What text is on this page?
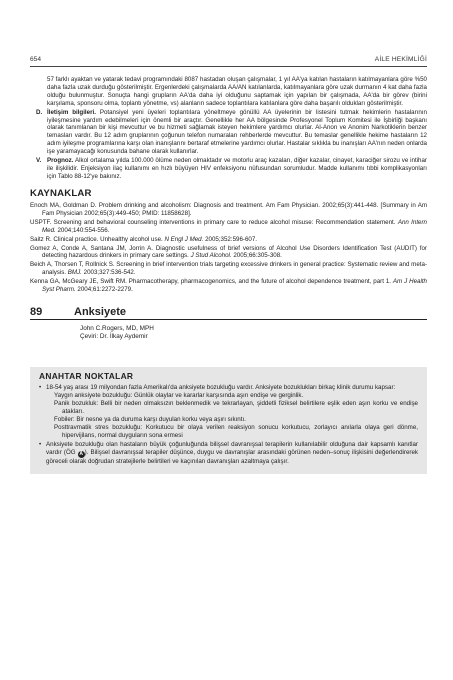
654	AİLE HEKİMLİĞİ

57 farklı ayaktan ve yatarak tedavi programındaki 8087 hastadan oluşan çalışmalar, 1 yıl AA'ya katılan hastaların katılmayanlara göre %50 daha fazla uzak durduğu gösterilmiştir. Ergenlerdeki çalışmalarda AA/AN katılanlarda, katılmayanlara göre uzak durmanın 4 kat daha fazla olduğu bulunmuştur. Sonuçta hangi grupların AA'da daha iyi olduğunu saptamak için yapılan bir çalışmada, AA'da bir görev (birini karşılama, sponsoru olma, toplantı yönetme, vs) alanların sadece toplantılara katılanlara göre daha başarılı oldukları gösterilmiştir.

D. İletişim bilgileri. Potansiyel yeni üyeleri toplantılara yöneltmeye gönüllü AA üyelerinin bir listesini tutmak hekimlerin hastalarının iyileşmesine yardım edebilmeleri için önemli bir araçtır. Genellikle her AA bölgesinde Profesyonel Toplum Komitesi ile İşbirliği başkanı olarak tanımlanan bir kişi mevcuttur ve bu hizmeti sağlamak isteyen hekimlere yardımcı olurlar. Al-Anon ve Anonim Narkotiklerin benzer temasları vardır. Bu 12 adım gruplarının çoğunun telefon numaraları rehberlerde mevcuttur. Bu temaslar genellikle hekime hastaların 12 adım iyileşme programlarına karşı olan inanışlarını bertaraf etmelerine yardımcı olurlar. Hastalar sıklıkla bu inanışları AA'nın neden onlarda işe yaramayacağı konusunda bahane olarak kullanırlar.

V. Prognoz. Alkol ortalama yılda 100.000 ölüme neden olmaktadır ve motorlu araç kazaları, diğer kazalar, cinayet, karaciğer sirozu ve intihar ile ilişkilidir. Enjeksiyon ilaç kullanımı en hızlı büyüyen HIV enfeksiyonu nüfusundan sorumludur. Madde kullanımı tıbbi komplikasyonları için Tablo 88-12'ye bakınız.

KAYNAKLAR

Enoch MA, Goldman D. Problem drinking and alcoholism: Diagnosis and treatment. Am Fam Physician. 2002;65(3):441-448. [Summary in Am Fam Physician 2002;65(3):449-450; PMID: 11858628].

USPTF. Screening and behavioral counseling interventions in primary care to reduce alcohol misuse: Recommendation statement. Ann Intern Med. 2004;140:554-556.

Saitz R. Clinical practice. Unhealthy alcohol use. N Engl J Med. 2005;352:596-607.

Gomez A, Conde A, Santana JM, Jorrin A. Diagnostic usefulness of brief versions of Alcohol Use Disorders Identification Test (AUDIT) for detecting hazardous drinkers in primary care settings. J Stud Alcohol. 2005;66:305-308.

Beich A, Thorsen T, Rollnick S. Screening in brief intervention trials targeting excessive drinkers in general practice: Systematic review and meta-analysis. BMJ. 2003;327:536-542.

Kenna GA, McGeary JE, Swift RM. Pharmacotherapy, pharmacogenomics, and the future of alcohol dependence treatment, part 1. Am J Health Syst Pharm. 2004;61:2272-2279.

89	Anksiyete
John C.Rogers, MD, MPH
Çeviri: Dr. İlkay Aydemir
ANAHTAR NOKTALAR

• 18-54 yaş arası 19 milyondan fazla Amerikalı'da anksiyete bozukluğu vardır. Anksiyete bozuklukları birkaç klinik durumu kapsar:

Yaygın anksiyete bozukluğu: Günlük olaylar ve kararlar karşısında aşırı endişe ve gerginlik.

Panik bozukluk: Belli bir neden olmaksızın beklenmedik ve tekrarlayan, şiddetli fiziksel belirtilere eşlik eden aşırı korku ve endişe atakları.

Fobiler: Bir nesne ya da duruma karşı duyulan korku veya aşırı sıkıntı.

Posttravmatik stres bozukluğu: Korkutucu bir olaya verilen reaksiyon sonucu korkutucu, zorlayıcı anılarla olaya geri dönme, hipervijilans, normal duyguların sona ermesi

• Anksiyete bozukluğu olan hastaların büyük çoğunluğunda bilişsel davranışsal terapilerin kullanılabilir olduğuna dair kapsamlı kanıtlar vardır (ÖG A ). Bilişsel davranışsal terapiler düşünce, duygu ve davranışlar arasındaki görünen neden–sonuç ilişkisini değerlendirerek göreceli olarak doğrudan stratejilerle belirtileri ve kaçınılan davranışları azaltmaya çalışır.
